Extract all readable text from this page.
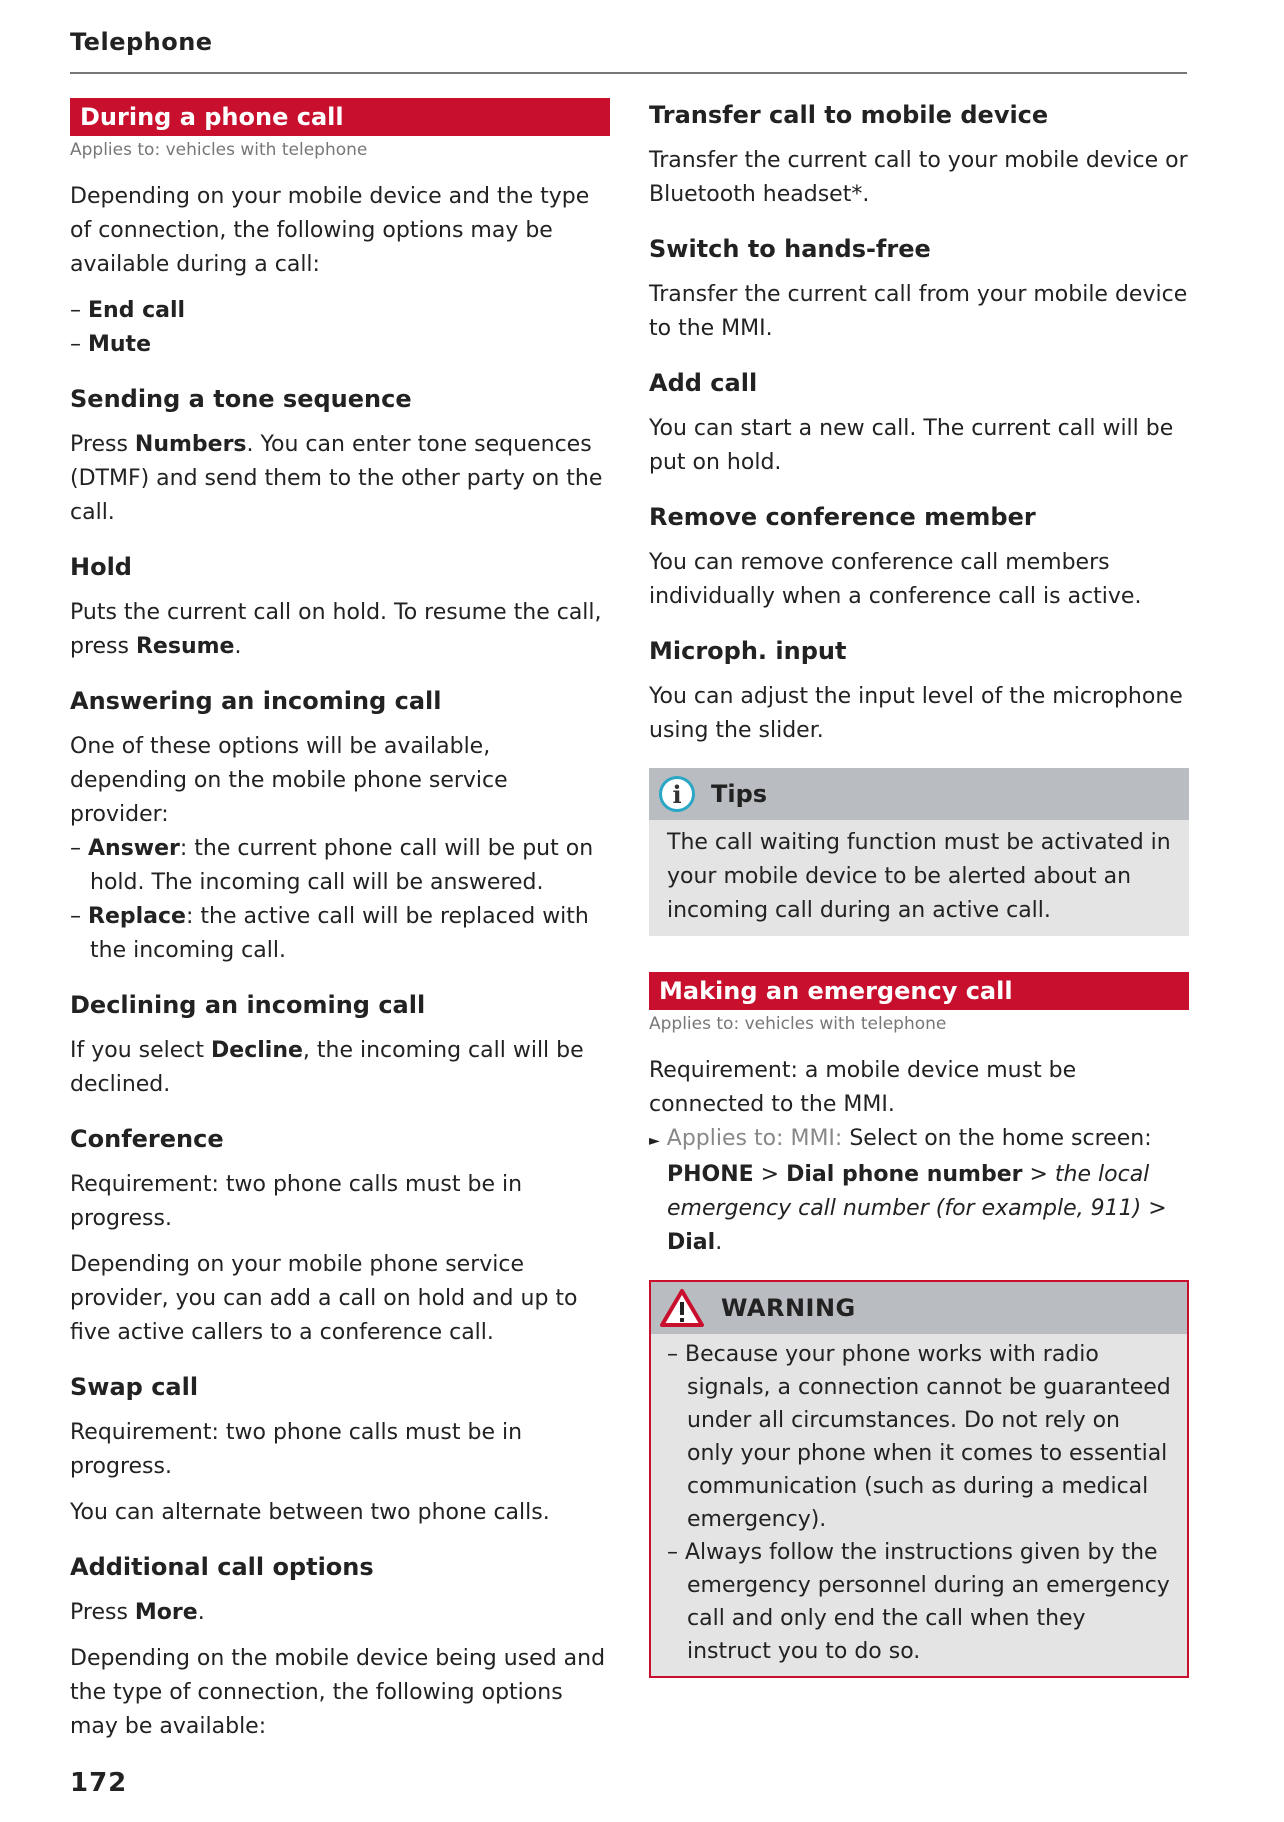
Telephone
During a phone call
Applies to: vehicles with telephone

Depending on your mobile device and the type of connection, the following options may be available during a call:

– End call

– Mute

Sending a tone sequence

Press Numbers. You can enter tone sequences (DTMF) and send them to the other party on the call.

Hold

Puts the current call on hold. To resume the call, press Resume.

Answering an incoming call

One of these options will be available, depending on the mobile phone service provider:

– Answer: the current phone call will be put on hold. The incoming call will be answered.

– Replace: the active call will be replaced with the incoming call.

Declining an incoming call

If you select Decline, the incoming call will be declined.

Conference

Requirement: two phone calls must be in progress.

Depending on your mobile phone service provider, you can add a call on hold and up to five active callers to a conference call.

Swap call

Requirement: two phone calls must be in progress.

You can alternate between two phone calls.

Additional call options

Press More.

Depending on the mobile device being used and the type of connection, the following options may be available:

Transfer call to mobile device

Transfer the current call to your mobile device or Bluetooth headset*.

Switch to hands-free

Transfer the current call from your mobile device to the MMI.

Add call

You can start a new call. The current call will be put on hold.

Remove conference member

You can remove conference call members individually when a conference call is active.

Microph. input

You can adjust the input level of the microphone using the slider.

i	Tips
The call waiting function must be activated in your mobile device to be alerted about an incoming call during an active call.
Making an emergency call
Applies to: vehicles with telephone

Requirement: a mobile device must be connected to the MMI.

► Applies to: MMI: Select on the home screen: PHONE > Dial phone number > the local emergency call number (for example, 911) > Dial.

WARNING

– Because your phone works with radio signals, a connection cannot be guaranteed under all circumstances. Do not rely on only your phone when it comes to essential communication (such as during a medical emergency).

– Always follow the instructions given by the emergency personnel during an emergency call and only end the call when they instruct you to do so.

172
